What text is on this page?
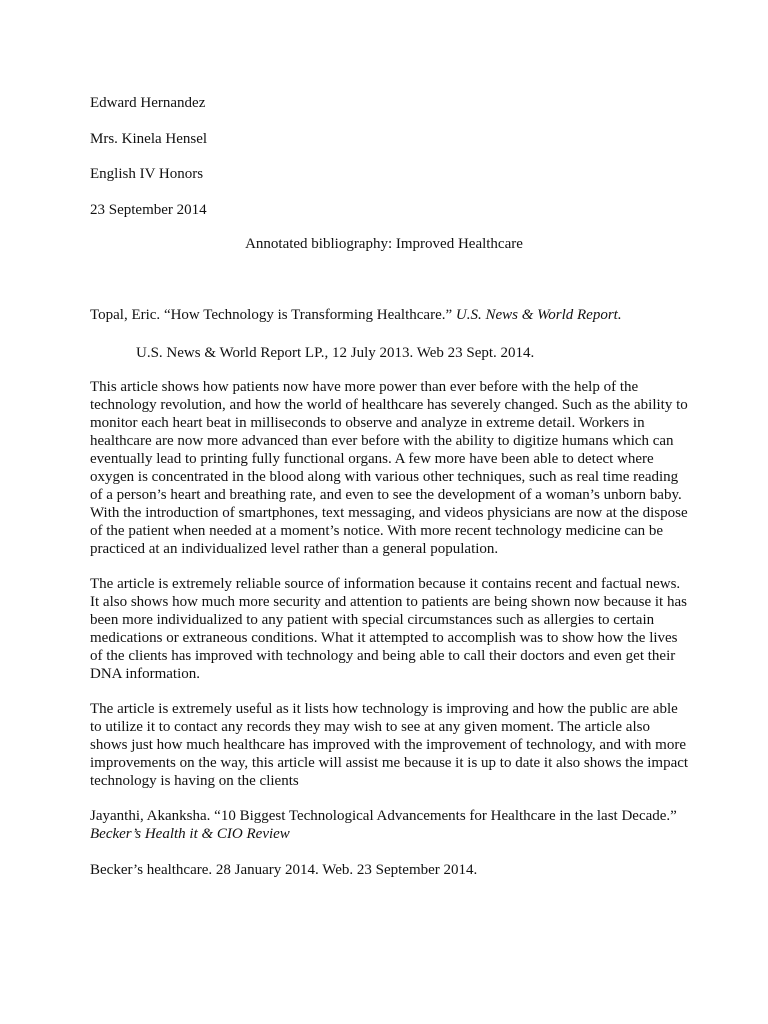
Edward Hernandez
Mrs. Kinela Hensel
English IV Honors
23 September 2014
Annotated bibliography: Improved Healthcare
Topal, Eric. “How Technology is Transforming Healthcare.” U.S. News & World Report.
U.S. News & World Report LP., 12 July 2013. Web 23 Sept. 2014.

This article shows how patients now have more power than ever before with the help of the technology revolution, and how the world of healthcare has severely changed. Such as the ability to monitor each heart beat in milliseconds to observe and analyze in extreme detail. Workers in healthcare are now more advanced than ever before with the ability to digitize humans which can eventually lead to printing fully functional organs. A few more have been able to detect where oxygen is concentrated in the blood along with various other techniques, such as real time reading of a person’s heart and breathing rate, and even to see the development of a woman’s unborn baby. With the introduction of smartphones, text messaging, and videos physicians are now at the dispose of the patient when needed at a moment’s notice. With more recent technology medicine can be practiced at an individualized level rather than a general population.

The article is extremely reliable source of information because it contains recent and factual news. It also shows how much more security and attention to patients are being shown now because it has been more individualized to any patient with special circumstances such as allergies to certain medications or extraneous conditions. What it attempted to accomplish was to show how the lives of the clients has improved with technology and being able to call their doctors and even get their DNA information.

The article is extremely useful as it lists how technology is improving and how the public are able to utilize it to contact any records they may wish to see at any given moment. The article also shows just how much healthcare has improved with the improvement of technology, and with more improvements on the way, this article will assist me because it is up to date it also shows the impact technology is having on the clients

Jayanthi, Akanksha. “10 Biggest Technological Advancements for Healthcare in the last Decade.” Becker’s Health it & CIO Review
Becker’s healthcare. 28 January 2014. Web. 23 September 2014.
